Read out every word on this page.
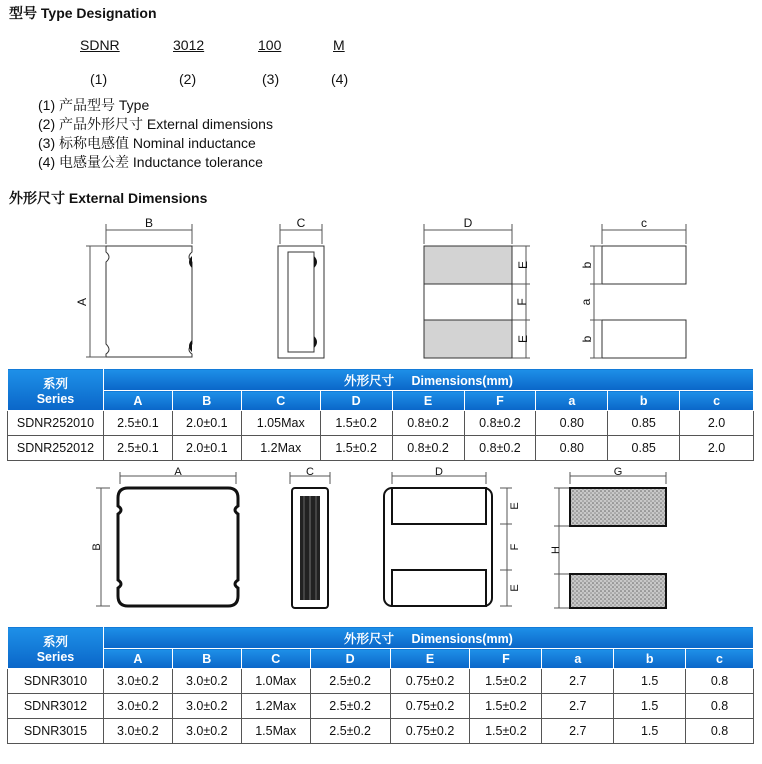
型号 Type Designation
SDNR	3012	100	M
(1)	(2)	(3)	(4)
(1) 产品型号 Type
(2) 产品外形尺寸 External dimensions
(3) 标称电感值 Nominal inductance
(4) 电感量公差 Inductance tolerance
外形尺寸 External Dimensions
B
A
C	D
E
F
E
c
b
a
b
系列
Series	外形尺寸 Dimensions(mm)								
	A	B	C	D	E	F	a	b	c
SDNR252010	2.5±0.1	2.0±0.1	1.05Max	1.5±0.2	0.8±0.2	0.8±0.2	0.80	0.85	2.0
SDNR252012	2.5±0.1	2.0±0.1	1.2Max	1.5±0.2	0.8±0.2	0.8±0.2	0.80	0.85	2.0
A
B
C	D
E
F
E
G
H
系列
Series	外形尺寸 Dimensions(mm)								
	A	B	C	D	E	F	a	b	c
SDNR3010	3.0±0.2	3.0±0.2	1.0Max	2.5±0.2	0.75±0.2	1.5±0.2	2.7	1.5	0.8
SDNR3012	3.0±0.2	3.0±0.2	1.2Max	2.5±0.2	0.75±0.2	1.5±0.2	2.7	1.5	0.8
SDNR3015	3.0±0.2	3.0±0.2	1.5Max	2.5±0.2	0.75±0.2	1.5±0.2	2.7	1.5	0.8
